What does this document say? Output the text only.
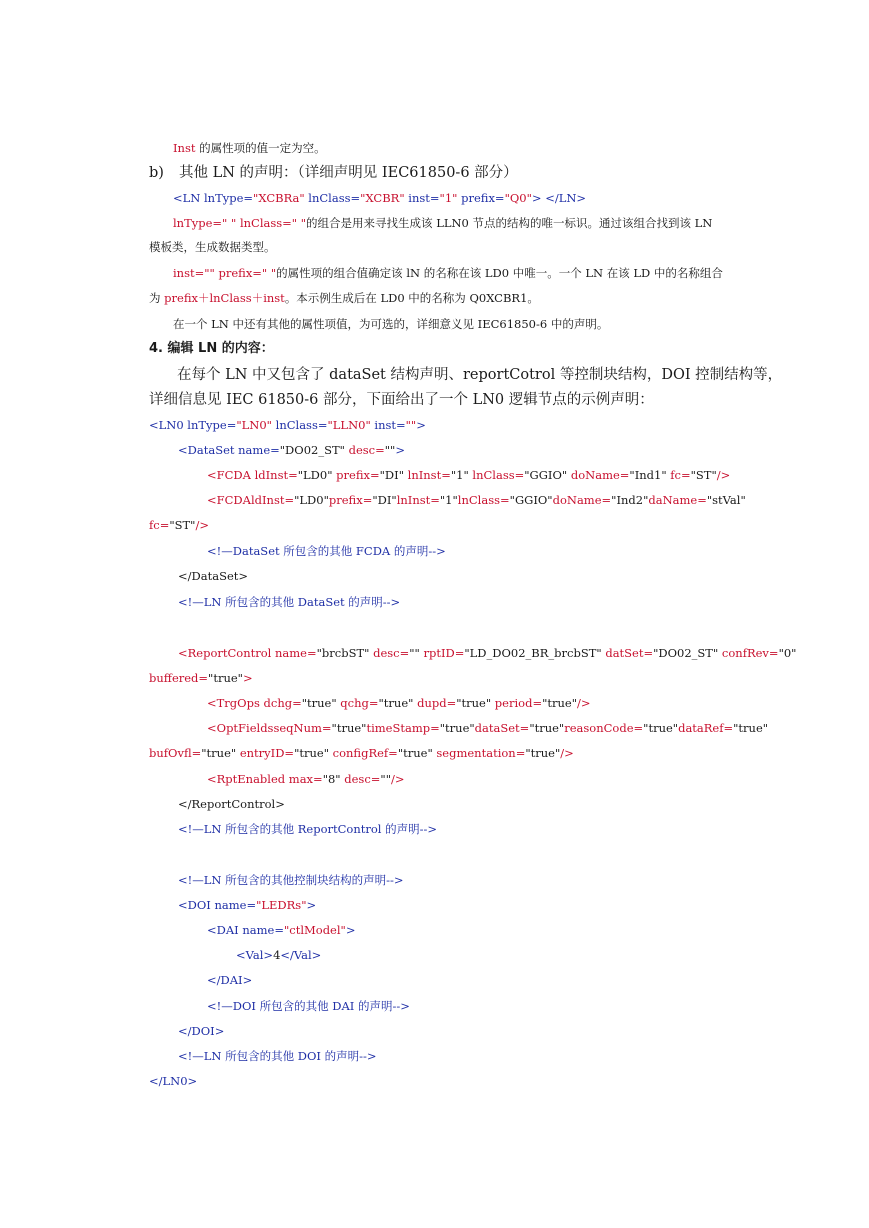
Inst 的属性项的值一定为空。
b) 其他 LN 的声明：（详细声明见 IEC61850-6 部分）
<LN lnType="XCBRa" lnClass="XCBR" inst="1" prefix="Q0"> </LN>
lnType=" " lnClass=" "的组合是用来寻找生成该 LLN0 节点的结构的唯一标识。通过该组合找到该 LN
模板类，生成数据类型。
inst="" prefix=" "的属性项的组合值确定该 lN 的名称在该 LD0 中唯一。一个 LN 在该 LD 中的名称组合
为 prefix＋lnClass＋inst。本示例生成后在 LD0 中的名称为 Q0XCBR1。
在一个 LN 中还有其他的属性项值，为可选的，详细意义见 IEC61850-6 中的声明。
4. 编辑 LN 的内容：
在每个 LN 中又包含了 dataSet 结构声明、reportCotrol 等控制块结构，DOI 控制结构等，
详细信息见 IEC 61850-6 部分，下面给出了一个 LN0 逻辑节点的示例声明：
<LN0 lnType="LN0" lnClass="LLN0" inst="">
<DataSet name="DO02_ST" desc="">
<FCDA ldInst="LD0" prefix="DI" lnInst="1" lnClass="GGIO" doName="Ind1" fc="ST"/>
<FCDA ldInst="LD0" prefix="DI" lnInst="1" lnClass="GGIO" doName="Ind2" daName="stVal"
fc="ST"/>
<!—DataSet 所包含的其他 FCDA 的声明-->
</DataSet>
<!—LN 所包含的其他 DataSet 的声明-->
<ReportControl name="brcbST" desc="" rptID="LD_DO02_BR_brcbST" datSet="DO02_ST" confRev="0"
buffered="true">
<TrgOps dchg="true" qchg="true" dupd="true" period="true"/>
<OptFields seqNum="true" timeStamp="true" dataSet="true" reasonCode="true" dataRef="true"
bufOvfl="true" entryID="true" configRef="true" segmentation="true"/>
<RptEnabled max="8" desc=""/>
</ReportControl>
<!—LN 所包含的其他 ReportControl 的声明-->
<!—LN 所包含的其他控制块结构的声明-->
<DOI name="LEDRs">
<DAI name="ctlModel">
<Val>4</Val>
</DAI>
<!—DOI 所包含的其他 DAI 的声明-->
</DOI>
<!—LN 所包含的其他 DOI 的声明-->
</LN0>
